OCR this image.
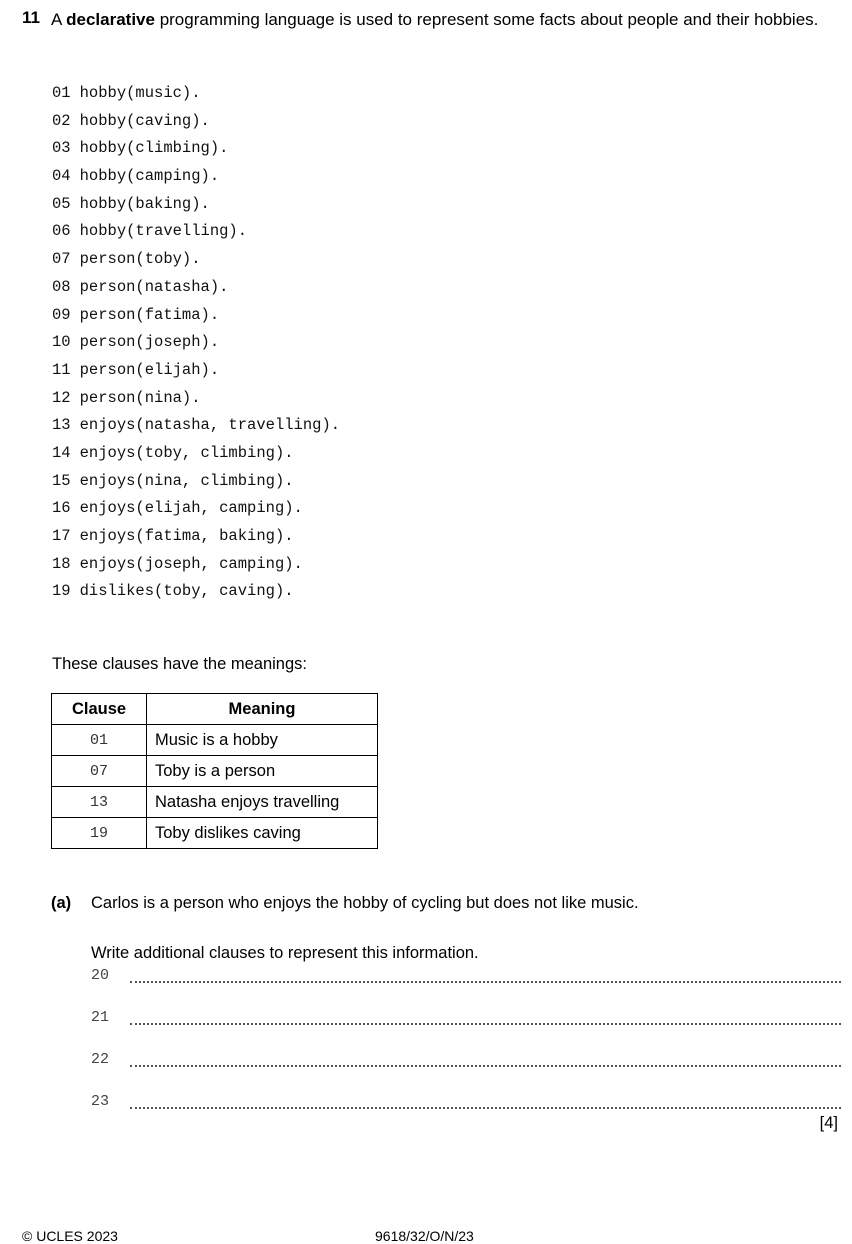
11 A declarative programming language is used to represent some facts about people and their hobbies.
01 hobby(music).
02 hobby(caving).
03 hobby(climbing).
04 hobby(camping).
05 hobby(baking).
06 hobby(travelling).
07 person(toby).
08 person(natasha).
09 person(fatima).
10 person(joseph).
11 person(elijah).
12 person(nina).
13 enjoys(natasha, travelling).
14 enjoys(toby, climbing).
15 enjoys(nina, climbing).
16 enjoys(elijah, camping).
17 enjoys(fatima, baking).
18 enjoys(joseph, camping).
19 dislikes(toby, caving).
These clauses have the meanings:
Clause	Meaning
01	Music is a hobby
07	Toby is a person
13	Natasha enjoys travelling
19	Toby dislikes caving
(a) Carlos is a person who enjoys the hobby of cycling but does not like music.
Write additional clauses to represent this information.
20
21
22
23
[4]
© UCLES 2023	9618/32/O/N/23
